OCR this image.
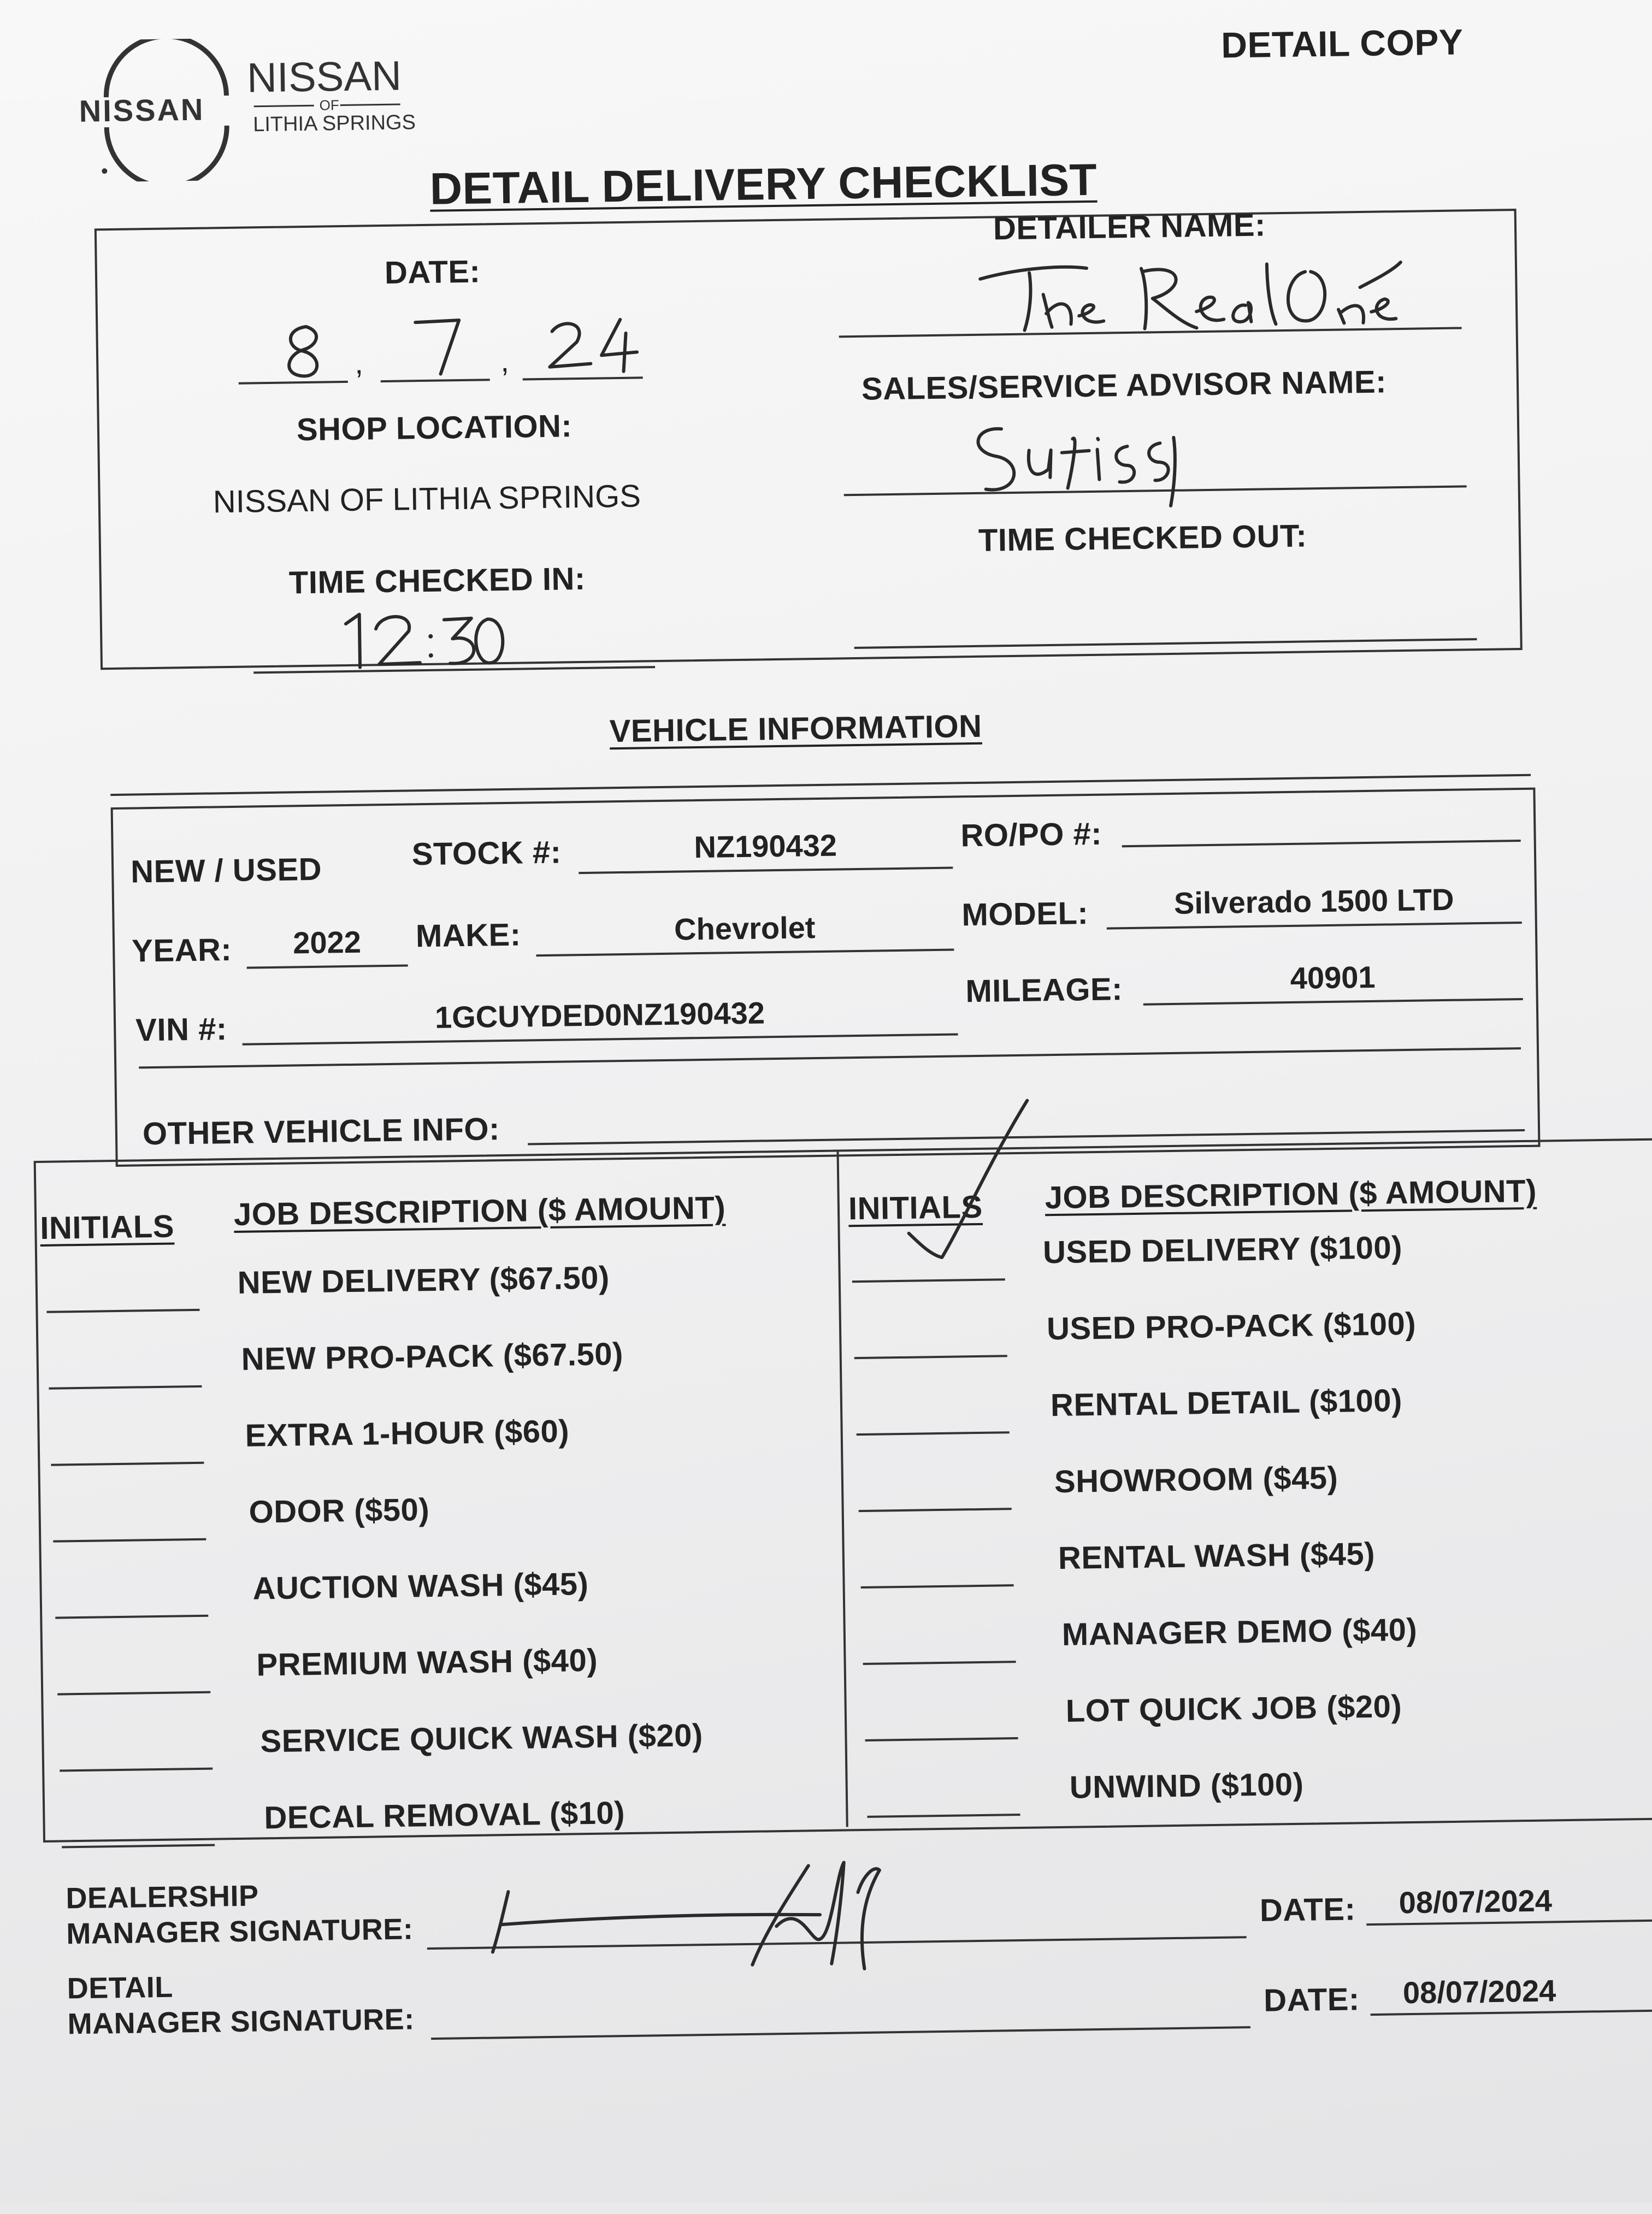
NISSAN
NISSAN
OF
LITHIA SPRINGS
DETAIL COPY
DETAIL DELIVERY CHECKLIST
DATE:
,	,
SHOP LOCATION:
NISSAN OF LITHIA SPRINGS
TIME CHECKED IN:
DETAILER NAME:
SALES/SERVICE ADVISOR NAME:
TIME CHECKED OUT:
VEHICLE INFORMATION
NEW / USED	STOCK #:	NZ190432	RO/PO #:
YEAR:	2022	MAKE:	Chevrolet	MODEL:	Silverado 1500 LTD
VIN #:	1GCUYDED0NZ190432
MILEAGE:	40901
OTHER VEHICLE INFO:
INITIALS JOB DESCRIPTION ($ AMOUNT)	INITIALS JOB DESCRIPTION ($ AMOUNT)
NEW DELIVERY ($67.50)
NEW PRO-PACK ($67.50)
EXTRA 1-HOUR ($60)
ODOR ($50)
AUCTION WASH ($45)
PREMIUM WASH ($40)
SERVICE QUICK WASH ($20)
DECAL REMOVAL ($10)
USED DELIVERY ($100)
USED PRO-PACK ($100)
RENTAL DETAIL ($100)
SHOWROOM ($45)
RENTAL WASH ($45)
MANAGER DEMO ($40)
LOT QUICK JOB ($20)
UNWIND ($100)
DEALERSHIP
MANAGER SIGNATURE:
DATE:	08/07/2024
DETAIL
MANAGER SIGNATURE:
DATE:	08/07/2024
